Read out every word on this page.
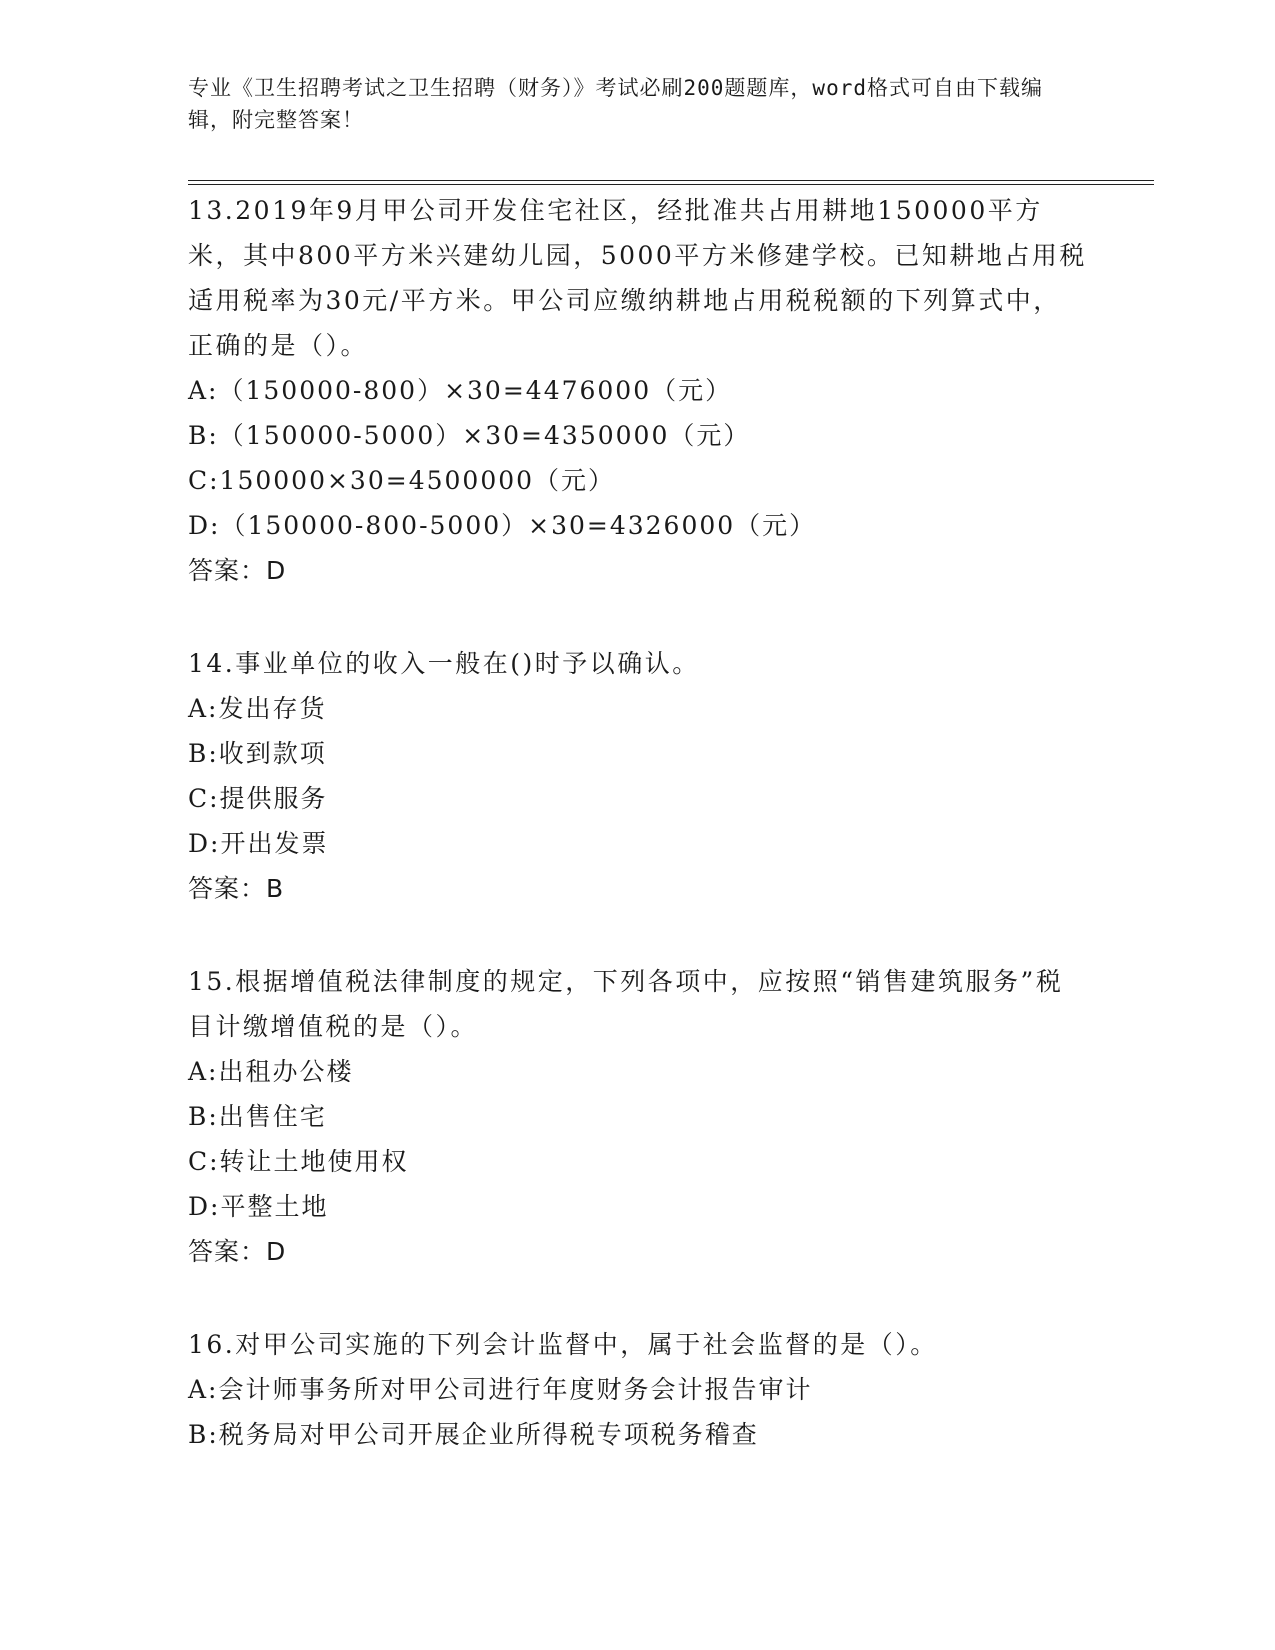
专业《卫生招聘考试之卫生招聘（财务）》考试必刷200题题库，word格式可自由下载编辑，附完整答案！

13.2019年9月甲公司开发住宅社区，经批准共占用耕地150000平方米，其中800平方米兴建幼儿园，5000平方米修建学校。已知耕地占用税适用税率为30元/平方米。甲公司应缴纳耕地占用税税额的下列算式中，正确的是（）。

A:（150000-800）×30=4476000（元）

B:（150000-5000）×30=4350000（元）

C:150000×30=4500000（元）

D:（150000-800-5000）×30=4326000（元）

答案：D

14.事业单位的收入一般在()时予以确认。

A:发出存货

B:收到款项

C:提供服务

D:开出发票

答案：B

15.根据增值税法律制度的规定，下列各项中，应按照“销售建筑服务”税目计缴增值税的是（）。

A:出租办公楼

B:出售住宅

C:转让土地使用权

D:平整土地

答案：D

16.对甲公司实施的下列会计监督中，属于社会监督的是（）。

A:会计师事务所对甲公司进行年度财务会计报告审计

B:税务局对甲公司开展企业所得税专项税务稽查
